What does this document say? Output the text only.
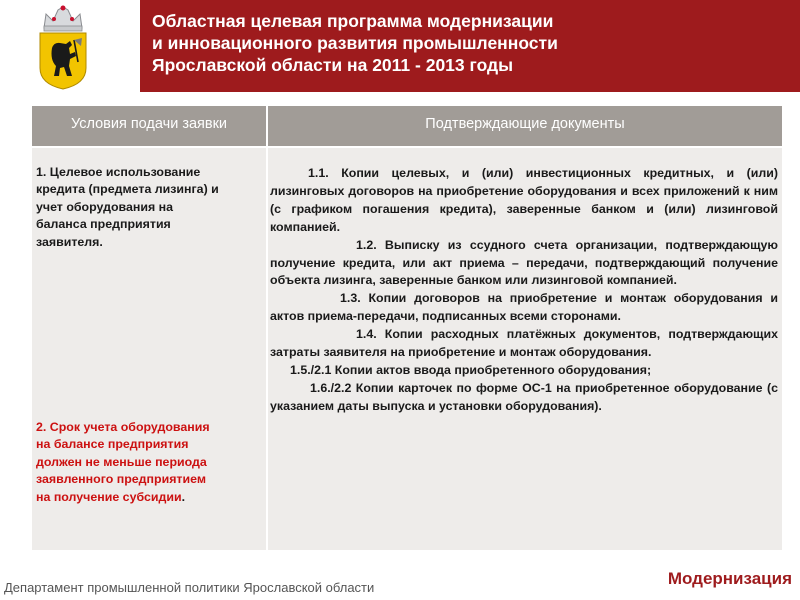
Областная целевая программа модернизации
и инновационного развития промышленности
Ярославской области на 2011 - 2013 годы
Условия подачи заявки	Подтверждающие документы
1. Целевое использование
кредита (предмета лизинга) и
учет оборудования на
баланса предприятия
заявителя.
2. Срок учета оборудования
на балансе предприятия
должен не меньше периода
заявленного предприятием
на получение субсидии.

1.1. Копии целевых, и (или) инвестиционных кредитных, и (или) лизинговых договоров на приобретение оборудования и всех приложений к ним (с графиком погашения кредита), заверенные банком и (или) лизинговой компанией.

1.2. Выписку из ссудного счета организации, подтверждающую получение кредита, или акт приема – передачи, подтверждающий получение объекта лизинга, заверенные банком или лизинговой компанией.

1.3. Копии договоров на приобретение и монтаж оборудования и актов приема-передачи, подписанных всеми сторонами.

1.4. Копии расходных платёжных документов, подтверждающих затраты заявителя на приобретение и монтаж оборудования.

1.5./2.1 Копии актов ввода приобретенного оборудования;

1.6./2.2 Копии карточек по форме ОС-1 на приобретенное оборудование (с указанием даты выпуска и установки оборудования).

Департамент промышленной политики Ярославской области	Модернизация
